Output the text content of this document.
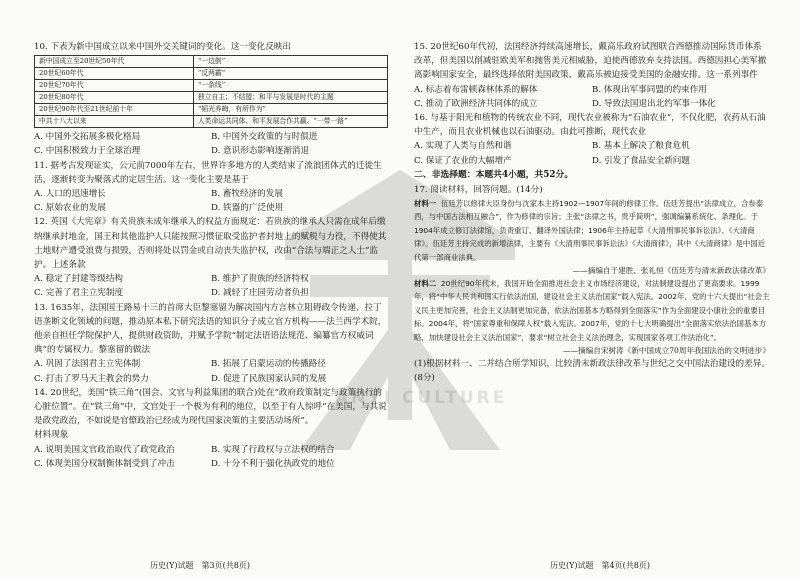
10. 下表为新中国成立以来中国外交关键词的变化。这一变化反映出
新中国成立至20世纪50年代	“一边倒”
20世纪60年代	“反两霸”
20世纪70年代	“一条线”
20世纪80年代	独立自主；不结盟；和平与发展是时代的主题
20世纪90年代至21世纪前十年	“韬光养晦，有所作为”
中共十八大以来	人类命运共同体、和平发展合作共赢、“一带一路”
A. 中国外交拓展多极化格局	B. 中国外交政策的与时俱进
C. 中国积极致力于全球治理	D. 意识形态影响逐渐消退
11. 据考古发现证实，公元前7000年左右，世界许多地方的人类结束了流浪团体式的迁徙生活，逐渐转变为聚落式的定居生活。这一变化主要是基于
A. 人口的迅速增长	B. 畜牧经济的发展
C. 原始农业的发展	D. 铁器的广泛使用
12. 英国《大宪章》有关贵族未成年继承人的权益方面规定：若贵族的继承人只需在成年后缴纳继承封地金，国王和其他监护人只能按照习惯征取受监护者封地上的赋税与力役，不得使其土地财产遭受浪费与损毁，否则将处以罚金或自动丧失监护权，改由“合法与端正之人士”监护。上述条款
A. 稳定了封建等级结构	B. 维护了贵族的经济特权
C. 完善了君主立宪制度	D. 减轻了庄园劳动者负担
13. 1635年，法国国王路易十三的首席大臣黎塞留为解决国内方言林立阻碍政令传递、拉丁语垄断文化领域的问题，推动原本私下研究法语的知识分子成立官方机构——法兰西学术院，他亲自担任学院保护人，提供财政资助，并赋予学院“制定法语语法规范、编纂官方权威词典”的专属权力。黎塞留的做法
A. 巩固了法国君主立宪体制	B. 拓展了启蒙运动的传播路径
C. 打击了罗马天主教会的势力	D. 促进了民族国家认同的发展
14. 20世纪，美国“铁三角”(国会、文官与利益集团的联合)处在“政府政策制定与政策执行的心脏位置”。在“铁三角”中，文官处于一个极为有利的地位，以至于有人惊呼“在美国，与其说是政党政治，不如说是官僚政治已经成为现代国家决策的主要活动场所”。
材料现象
A. 说明美国文官政治取代了政党政治	B. 实现了行政权与立法权的结合
C. 体现美国分权制衡体制受到了冲击	D. 十分不利于强化执政党的地位
历史(Y)试题　第3页(共8页)
15. 20世纪60年代初，法国经济持续高速增长，戴高乐政府试图联合西德推动国际货币体系改革，但美国以削减驻欧美军和抛售美元相威胁，迫使西德放弃支持法国。西德因担心美军撤离影响国家安全，最终选择依附美国政策，戴高乐被迫接受美国的金融安排。这一系列事件
A. 标志着布雷顿森林体系的解体	B. 体现出军事同盟的约束作用
C. 推动了欧洲经济共同体的成立	D. 导致法国退出北约军事一体化
16. 与基于阳光和植物的传统农业不同，现代农业被称为“石油农业”，不仅化肥，农药从石油中生产，而且农业机械也以石油驱动。由此可推断，现代农业
A. 实现了人类与自然和谐	B. 基本上解决了粮食危机
C. 保证了农业的大幅增产	D. 引发了食品安全新问题
二、非选择题：本题共4小题，共52分。
17. 阅读材料，回答问题。(14分)
材料一 伍廷芳以修律大臣身份与沈家本主持1902—1907年间的修律工作。伍廷芳提出“法律成立，合参泰西，与中国古法相互融合”，作为修律的宗旨；主张“法律之书，贵乎简明”，强调编纂系统化、条理化。于1904年成立修订法律馆，负责重订、翻译外国法律；1906年主持起草《大清刑事民事诉讼法》、《大清商律》。伍廷芳主持完成的新增法律，主要有《大清刑事民事诉讼法》《大清商律》，其中《大清商律》是中国近代第一部商业法典。
——摘编自于建胜、张礼恒《伍廷芳与清末新政法律改革》
材料二 20世纪90年代末，我国开始全面推进社会主义市场经济建设，对法制建设提出了更高要求。1999年，将“中华人民共和国实行依法治国，建设社会主义法治国家”载入宪法。2002年，党的十六大提出“社会主义民主更加完善，社会主义法制更加完备，依法治国基本方略得到全面落实”作为全面建设小康社会的重要目标。2004年，将“国家尊重和保障人权”载入宪法。2007年，党的十七大明确提出“全面落实依法治国基本方略，加快建设社会主义法治国家”，要求“树立社会主义法治理念，实现国家各项工作法治化”。
——摘编自宋树涛《新中国成立70周年我国法治的文明进步》
(1)根据材料一、二并结合所学知识，比较清末新政法律改革与世纪之交中国法治建设的差异。(8分)
历史(Y)试题　第4页(共8页)
ANYI CULTURE
